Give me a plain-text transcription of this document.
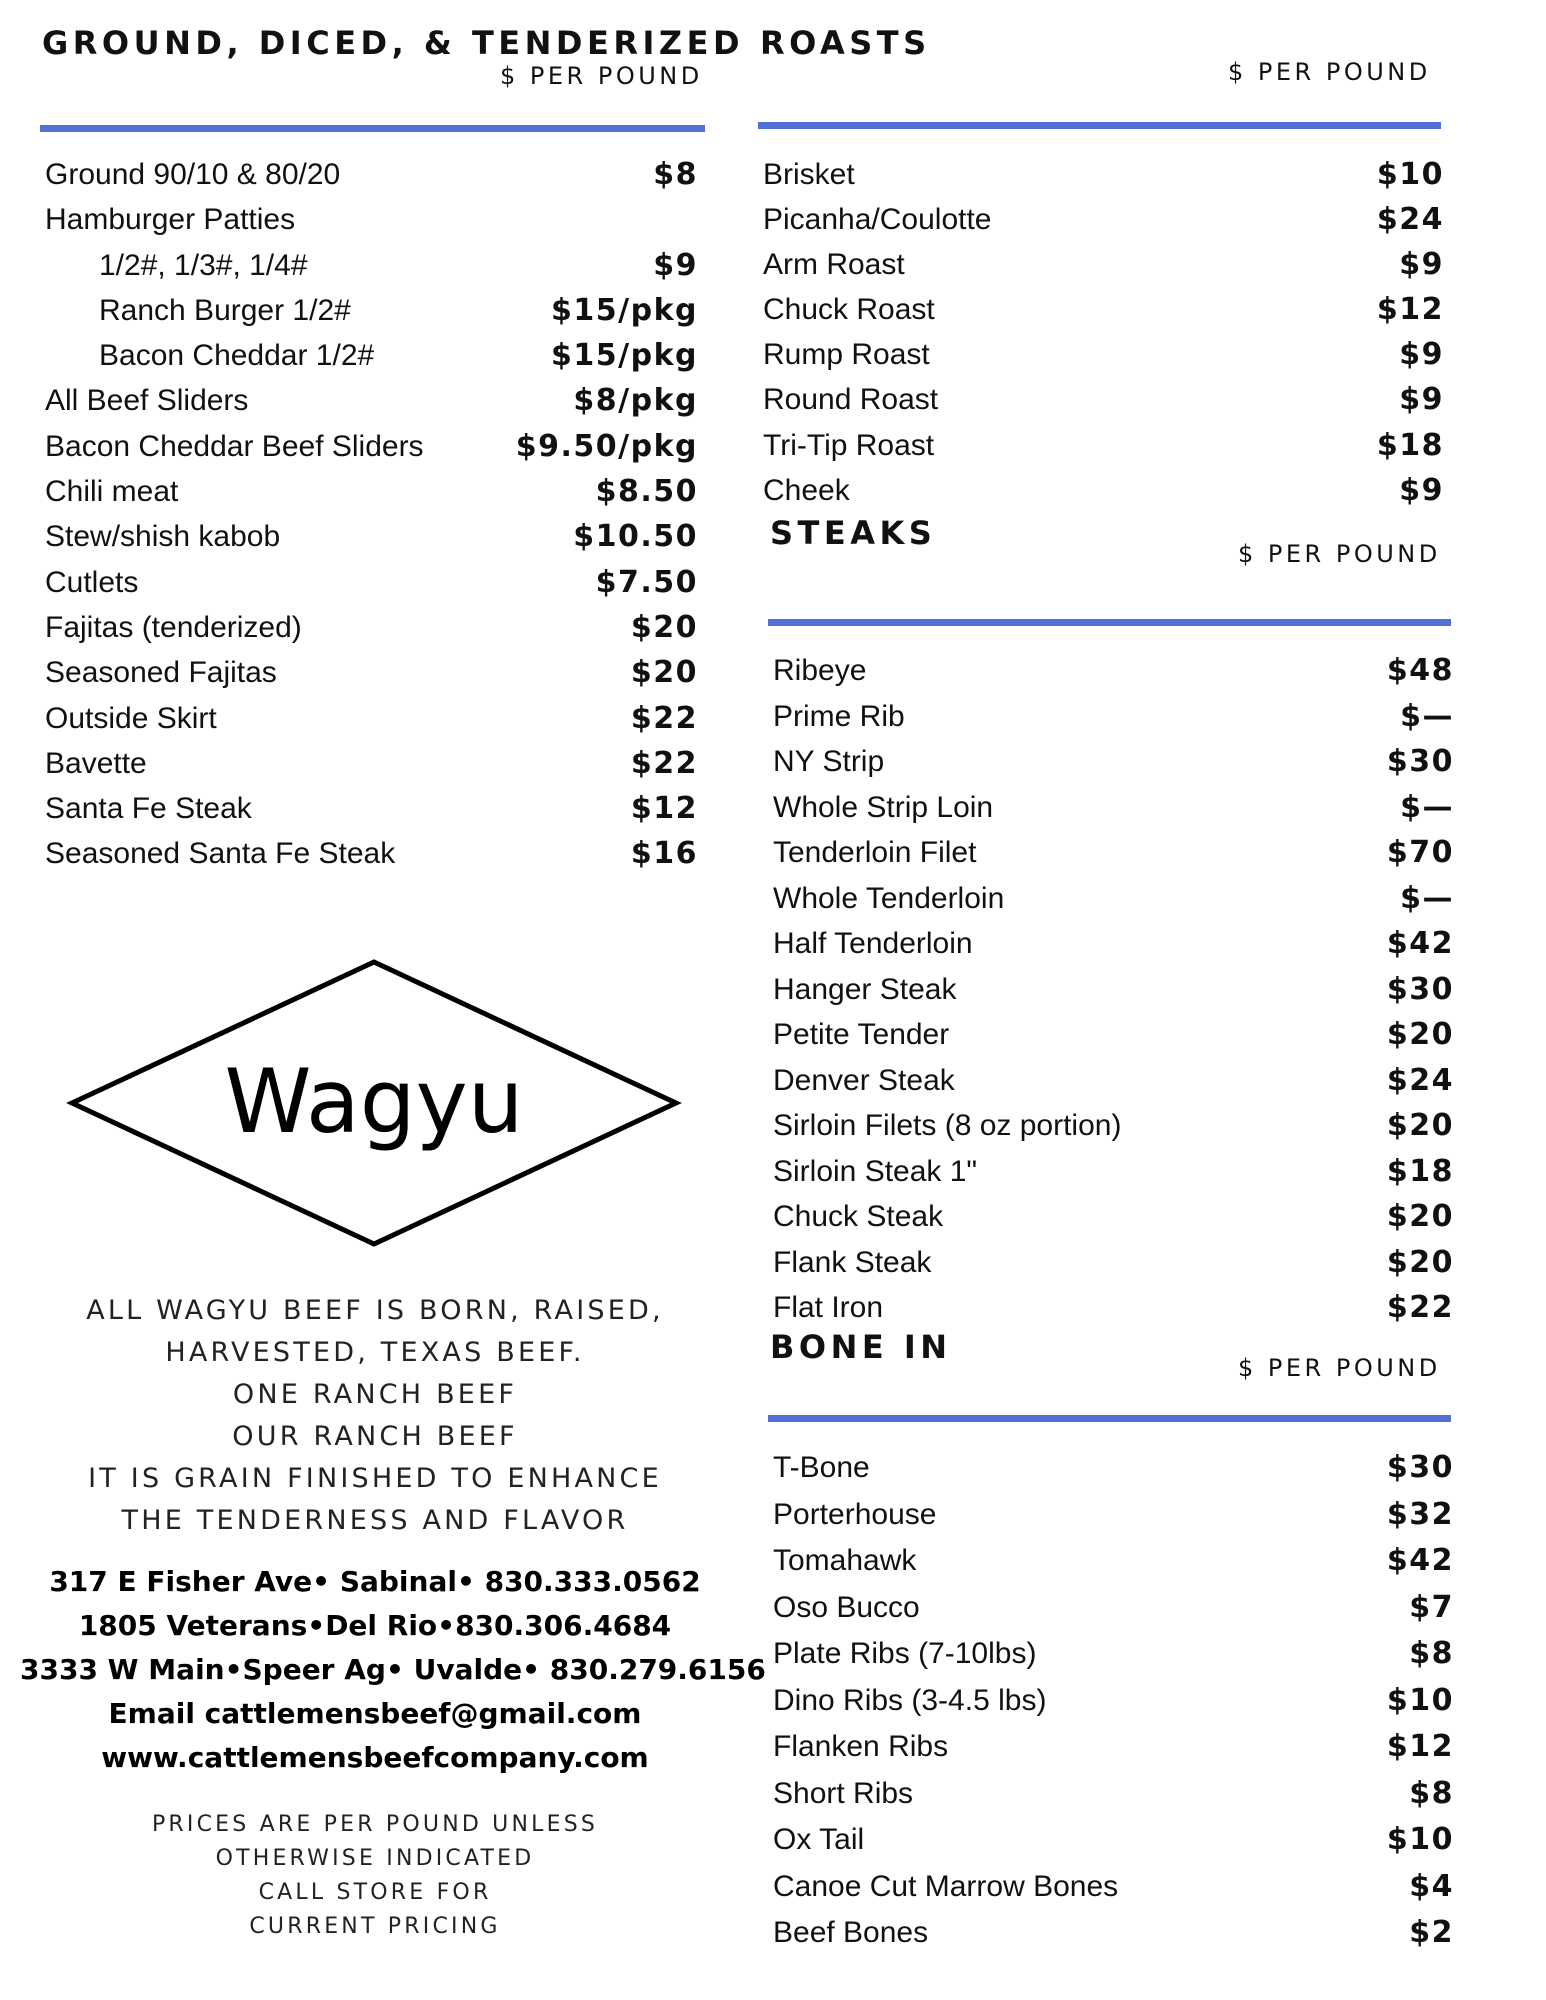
GROUND, DICED, & TENDERIZED
$ PER POUND
Ground 90/10 & 80/20	$8
Hamburger Patties
1/2#, 1/3#, 1/4#	$9
Ranch Burger 1/2#	$15/pkg
Bacon Cheddar 1/2#	$15/pkg
All Beef Sliders	$8/pkg
Bacon Cheddar Beef Sliders	$9.50/pkg
Chili meat	$8.50
Stew/shish kabob	$10.50
Cutlets	$7.50
Fajitas (tenderized)	$20
Seasoned Fajitas	$20
Outside Skirt	$22
Bavette	$22
Santa Fe Steak	$12
Seasoned Santa Fe Steak	$16
ROASTS
$ PER POUND
Brisket	$10
Picanha/Coulotte	$24
Arm Roast	$9
Chuck Roast	$12
Rump Roast	$9
Round Roast	$9
Tri-Tip Roast	$18
Cheek	$9
STEAKS
$ PER POUND
Ribeye	$48
Prime Rib	$—
NY Strip	$30
Whole Strip Loin	$—
Tenderloin Filet	$70
Whole Tenderloin	$—
Half Tenderloin	$42
Hanger Steak	$30
Petite Tender	$20
Denver Steak	$24
Sirloin Filets (8 oz portion)	$20
Sirloin Steak 1"	$18
Chuck Steak	$20
Flank Steak	$20
Flat Iron	$22
BONE IN
$ PER POUND
T-Bone	$30
Porterhouse	$32
Tomahawk	$42
Oso Bucco	$7
Plate Ribs (7-10lbs)	$8
Dino Ribs (3-4.5 lbs)	$10
Flanken Ribs	$12
Short Ribs	$8
Ox Tail	$10
Canoe Cut Marrow Bones	$4
Beef Bones	$2
Wagyu
ALL WAGYU BEEF IS BORN, RAISED,
HARVESTED, TEXAS BEEF.
ONE RANCH BEEF
OUR RANCH BEEF
IT IS GRAIN FINISHED TO ENHANCE
THE TENDERNESS AND FLAVOR
317 E Fisher Ave• Sabinal• 830.333.0562
1805 Veterans•Del Rio•830.306.4684
3333 W Main•Speer Ag• Uvalde• 830.279.6156
Email cattlemensbeef@gmail.com
www.cattlemensbeefcompany.com
PRICES ARE PER POUND UNLESS
OTHERWISE INDICATED
CALL STORE FOR
CURRENT PRICING
